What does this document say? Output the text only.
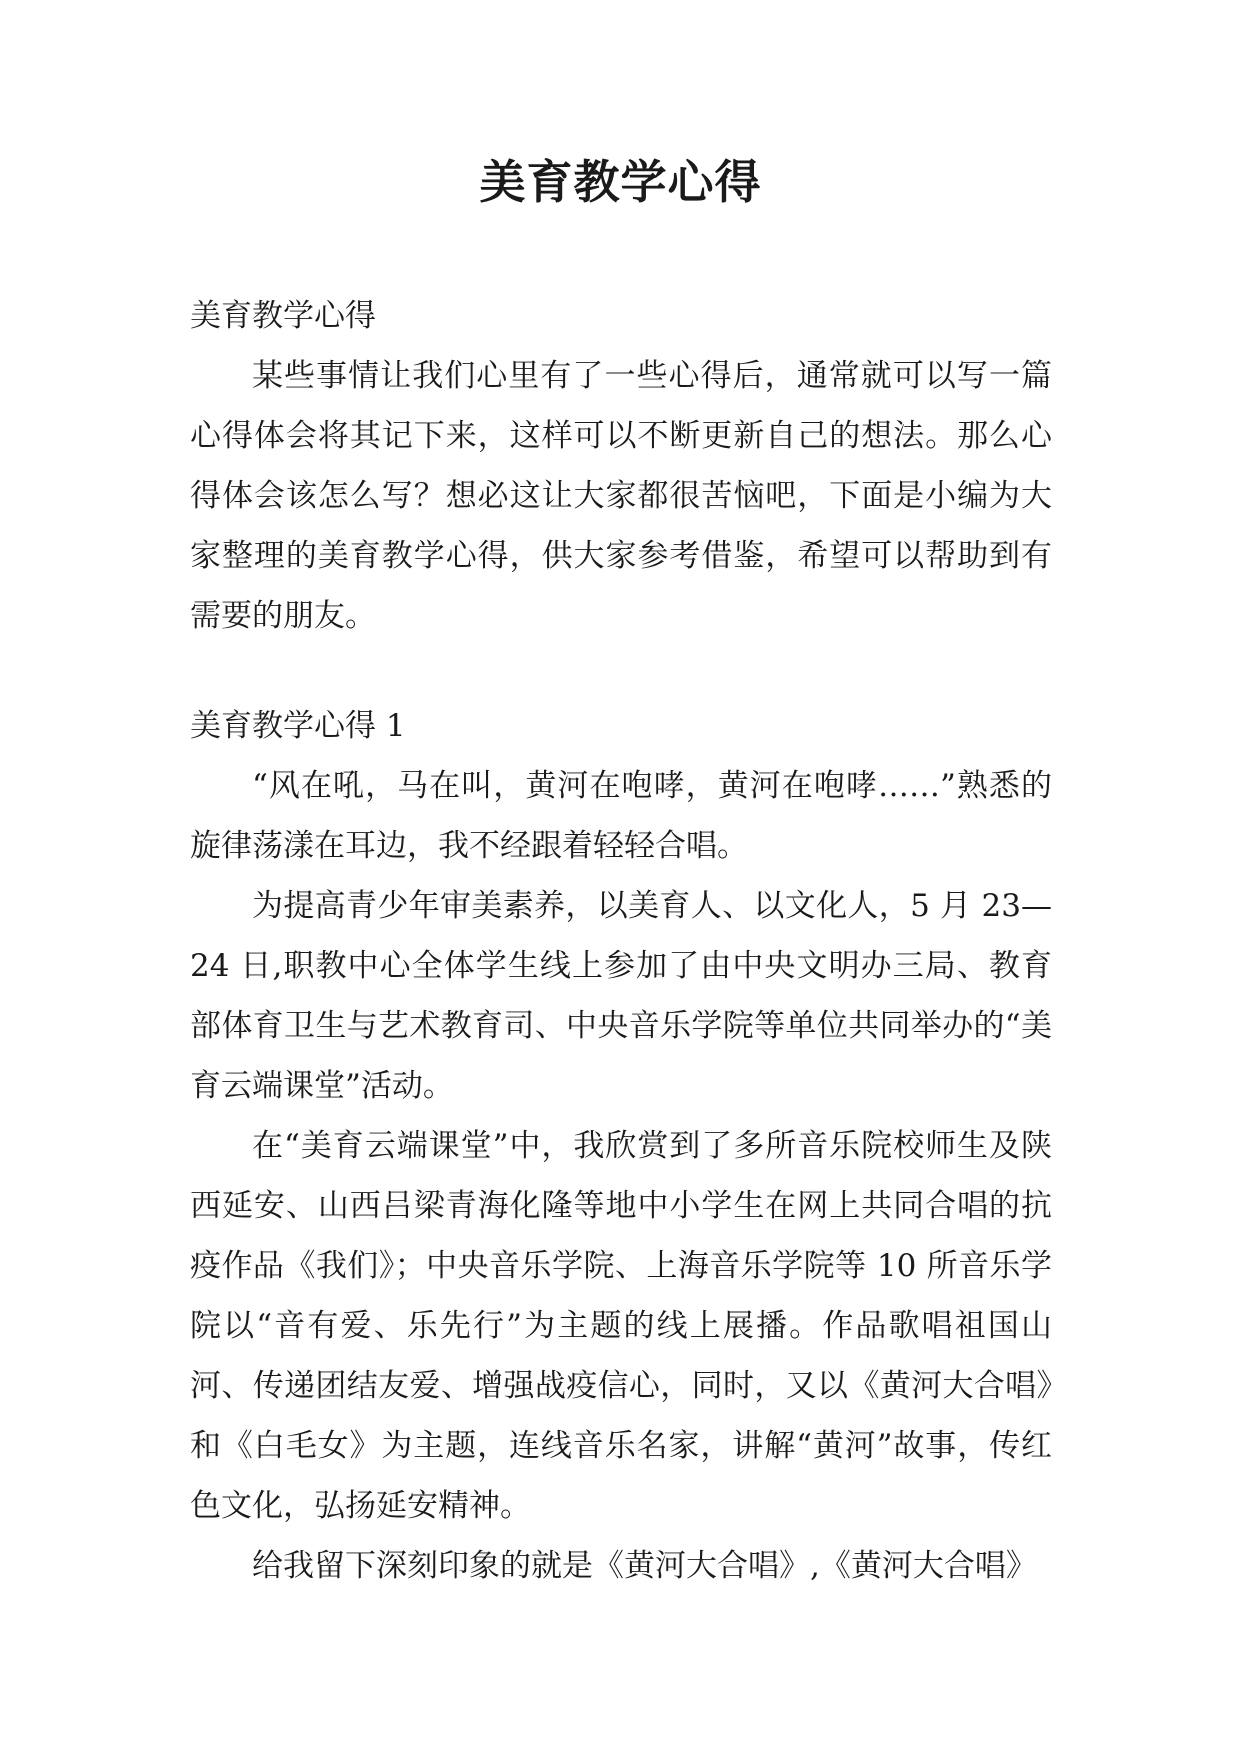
美育教学心得

美育教学心得

某些事情让我们心里有了一些心得后，通常就可以写一篇心得体会将其记下来，这样可以不断更新自己的想法。那么心得体会该怎么写？想必这让大家都很苦恼吧，下面是小编为大家整理的美育教学心得，供大家参考借鉴，希望可以帮助到有需要的朋友。

美育教学心得 1

“风在吼，马在叫，黄河在咆哮，黄河在咆哮……”熟悉的旋律荡漾在耳边，我不经跟着轻轻合唱。

为提高青少年审美素养，以美育人、以文化人，5 月 23—24 日,职教中心全体学生线上参加了由中央文明办三局、教育部体育卫生与艺术教育司、中央音乐学院等单位共同举办的“美育云端课堂”活动。

在“美育云端课堂”中，我欣赏到了多所音乐院校师生及陕西延安、山西吕梁青海化隆等地中小学生在网上共同合唱的抗疫作品《我们》；中央音乐学院、上海音乐学院等 10 所音乐学院以“音有爱、乐先行”为主题的线上展播。作品歌唱祖国山河、传递团结友爱、增强战疫信心，同时，又以《黄河大合唱》和《白毛女》为主题，连线音乐名家，讲解“黄河”故事，传红色文化，弘扬延安精神。

给我留下深刻印象的就是《黄河大合唱》,《黄河大合唱》
